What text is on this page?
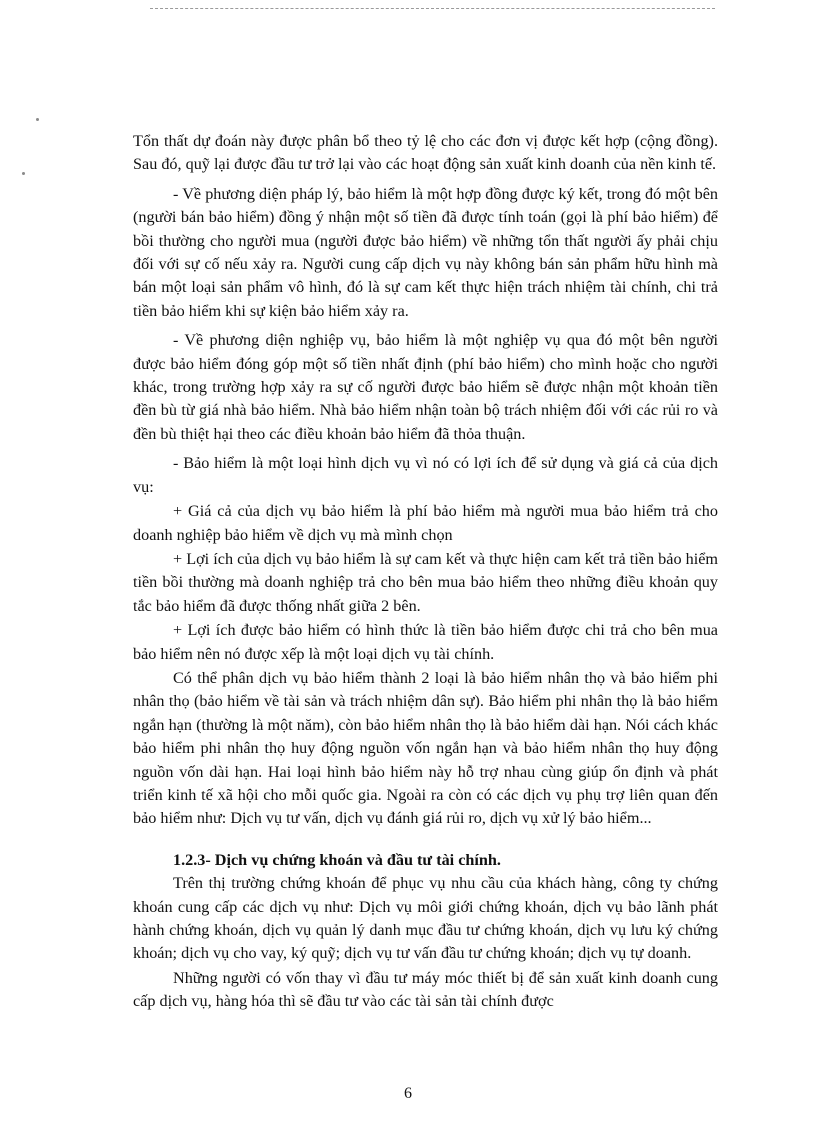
Tổn thất dự đoán này được phân bổ theo tỷ lệ cho các đơn vị được kết hợp (cộng đồng). Sau đó, quỹ lại được đầu tư trở lại vào các hoạt động sản xuất kinh doanh của nền kinh tế.

- Về phương diện pháp lý, bảo hiểm là một hợp đồng được ký kết, trong đó một bên (người bán bảo hiểm) đồng ý nhận một số tiền đã được tính toán (gọi là phí bảo hiểm) để bồi thường cho người mua (người được bảo hiểm) về những tổn thất người ấy phải chịu đối với sự cố nếu xảy ra. Người cung cấp dịch vụ này không bán sản phẩm hữu hình mà bán một loại sản phẩm vô hình, đó là sự cam kết thực hiện trách nhiệm tài chính, chi trả tiền bảo hiểm khi sự kiện bảo hiểm xảy ra.

- Về phương diện nghiệp vụ, bảo hiểm là một nghiệp vụ qua đó một bên người được bảo hiểm đóng góp một số tiền nhất định (phí bảo hiểm) cho mình hoặc cho người khác, trong trường hợp xảy ra sự cố người được bảo hiểm sẽ được nhận một khoản tiền đền bù từ giá nhà bảo hiểm. Nhà bảo hiểm nhận toàn bộ trách nhiệm đối với các rủi ro và đền bù thiệt hại theo các điều khoản bảo hiểm đã thỏa thuận.

- Bảo hiểm là một loại hình dịch vụ vì nó có lợi ích để sử dụng và giá cả của dịch vụ:

+ Giá cả của dịch vụ bảo hiểm là phí bảo hiểm mà người mua bảo hiểm trả cho doanh nghiệp bảo hiểm về dịch vụ mà mình chọn

+ Lợi ích của dịch vụ bảo hiểm là sự cam kết và thực hiện cam kết trả tiền bảo hiểm tiền bồi thường mà doanh nghiệp trả cho bên mua bảo hiểm theo những điều khoản quy tắc bảo hiểm đã được thống nhất giữa 2 bên.

+ Lợi ích được bảo hiểm có hình thức là tiền bảo hiểm được chi trả cho bên mua bảo hiểm nên nó được xếp là một loại dịch vụ tài chính.

Có thể phân dịch vụ bảo hiểm thành 2 loại là bảo hiểm nhân thọ và bảo hiểm phi nhân thọ (bảo hiểm về tài sản và trách nhiệm dân sự). Bảo hiểm phi nhân thọ là bảo hiểm ngắn hạn (thường là một năm), còn bảo hiểm nhân thọ là bảo hiểm dài hạn. Nói cách khác bảo hiểm phi nhân thọ huy động nguồn vốn ngắn hạn và bảo hiểm nhân thọ huy động nguồn vốn dài hạn. Hai loại hình bảo hiểm này hỗ trợ nhau cùng giúp ổn định và phát triển kinh tế xã hội cho mỗi quốc gia. Ngoài ra còn có các dịch vụ phụ trợ liên quan đến bảo hiểm như: Dịch vụ tư vấn, dịch vụ đánh giá rủi ro, dịch vụ xử lý bảo hiểm...

1.2.3- Dịch vụ chứng khoán và đầu tư tài chính.

Trên thị trường chứng khoán để phục vụ nhu cầu của khách hàng, công ty chứng khoán cung cấp các dịch vụ như: Dịch vụ môi giới chứng khoán, dịch vụ bảo lãnh phát hành chứng khoán, dịch vụ quản lý danh mục đầu tư chứng khoán, dịch vụ lưu ký chứng khoán; dịch vụ cho vay, ký quỹ; dịch vụ tư vấn đầu tư chứng khoán; dịch vụ tự doanh.

Những người có vốn thay vì đầu tư máy móc thiết bị để sản xuất kinh doanh cung cấp dịch vụ, hàng hóa thì sẽ đầu tư vào các tài sản tài chính được

6
